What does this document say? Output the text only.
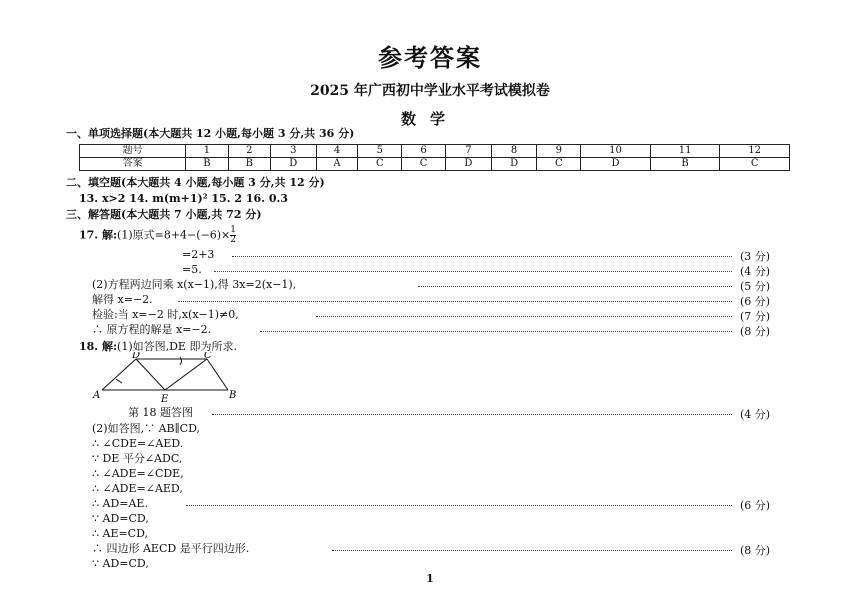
参考答案
2025 年广西初中学业水平考试模拟卷
数学
一、单项选择题(本大题共 12 小题,每小题 3 分,共 36 分)
题号	1	2	3	4	5	6	7	8	9	10	11	12
答案	B	B	D	A	C	C	D	D	C	D	B	C
二、填空题(本大题共 4 小题,每小题 3 分,共 12 分)
13. x>2 14. m(m+1)² 15. 2 16. 0.3
三、解答题(本大题共 7 小题,共 72 分)
17. 解:(1)原式$=8+4-(-6)\times \frac{1}{2}$
=2+3	(3 分)
=5.	(4 分)
(2)方程两边同乘 x(x−1),得 3x=2(x−1),	(5 分)
解得 x=−2.	(6 分)
检验:当 x=−2 时,x(x−1)≠0,	(7 分)
∴ 原方程的解是 x=−2.	(8 分)
18. 解:(1)如答图,DE 即为所求.
D	C
A	E	B
第 18 题答图	(4 分)
(2)如答图,∵ AB∥CD,
∴ ∠CDE=∠AED.
∵ DE 平分∠ADC,
∴ ∠ADE=∠CDE,
∴ ∠ADE=∠AED,
∴ AD=AE.	(6 分)
∵ AD=CD,
∴ AE=CD,
∴ 四边形 AECD 是平行四边形.	(8 分)
∵ AD=CD,
1
